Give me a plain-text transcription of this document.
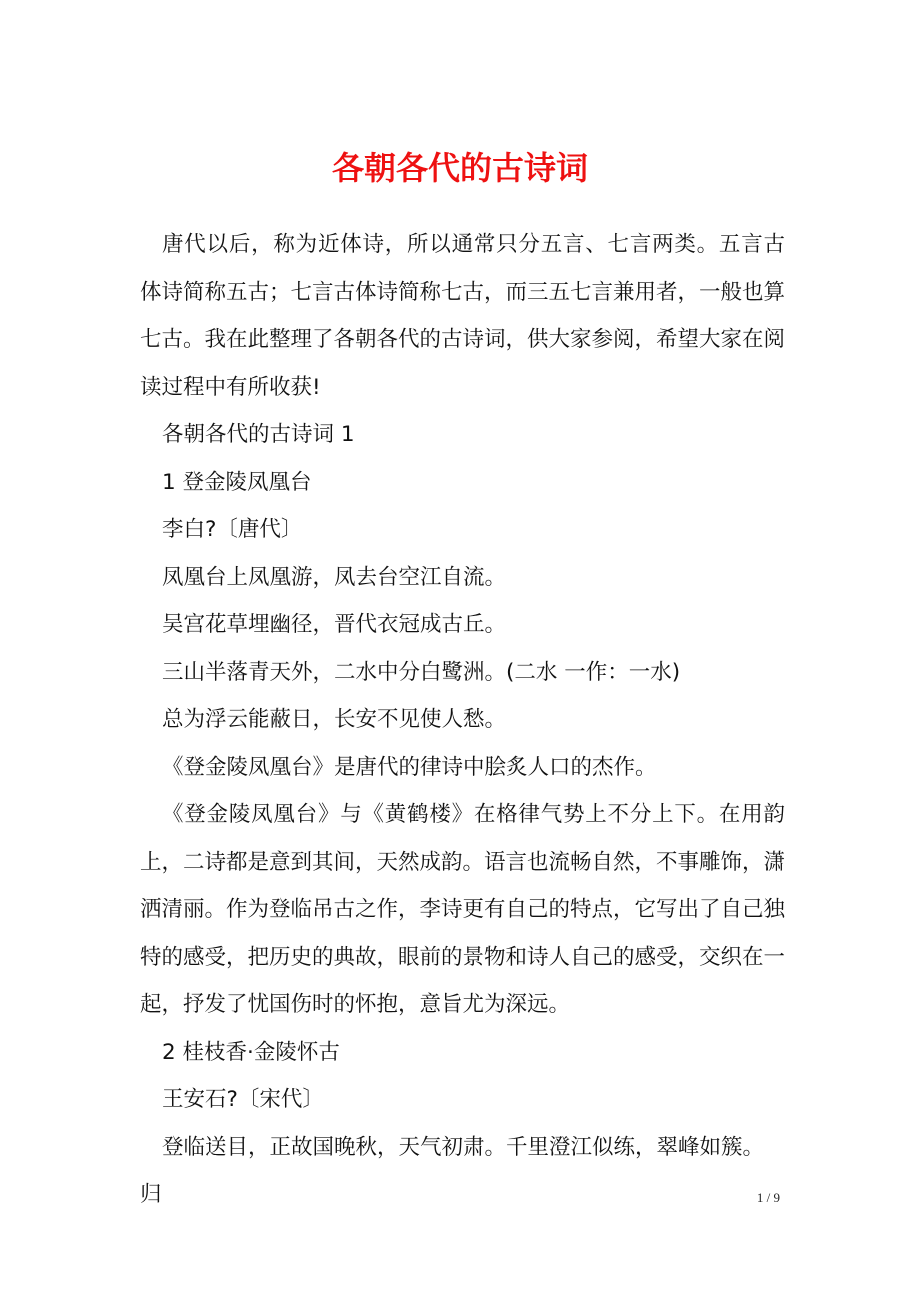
各朝各代的古诗词

唐代以后，称为近体诗，所以通常只分五言、七言两类。五言古体诗简称五古；七言古体诗简称七古，而三五七言兼用者，一般也算七古。我在此整理了各朝各代的古诗词，供大家参阅，希望大家在阅读过程中有所收获!

各朝各代的古诗词 1

1 登金陵凤凰台

李白?〔唐代〕

凤凰台上凤凰游，凤去台空江自流。

吴宫花草埋幽径，晋代衣冠成古丘。

三山半落青天外，二水中分白鹭洲。(二水 一作：一水)

总为浮云能蔽日，长安不见使人愁。

《登金陵凤凰台》是唐代的律诗中脍炙人口的杰作。

《登金陵凤凰台》与《黄鹤楼》在格律气势上不分上下。在用韵上，二诗都是意到其间，天然成韵。语言也流畅自然，不事雕饰，潇洒清丽。作为登临吊古之作，李诗更有自己的特点，它写出了自己独特的感受，把历史的典故，眼前的景物和诗人自己的感受，交织在一起，抒发了忧国伤时的怀抱，意旨尤为深远。

2 桂枝香·金陵怀古

王安石?〔宋代〕

登临送目，正故国晚秋，天气初肃。千里澄江似练，翠峰如簇。归	1 / 9
